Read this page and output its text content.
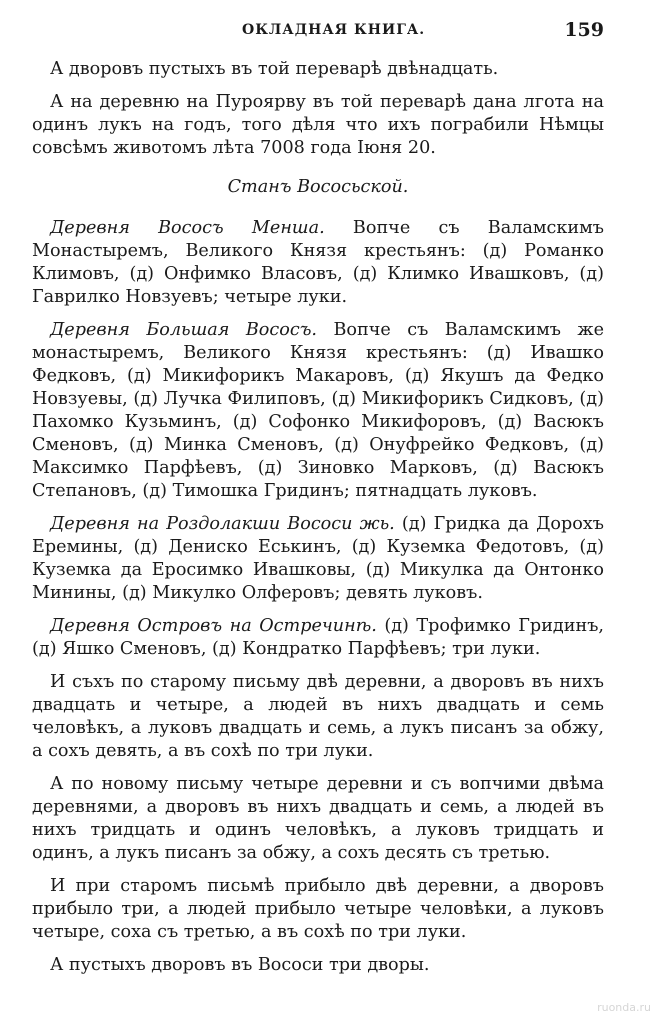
ОКЛАДНАЯ КНИГА.	159

А дворовъ пустыхъ въ той переварѣ двѣнадцать.

А на деревню на Пуроярву въ той переварѣ дана лгота на одинъ лукъ на годъ, того дѣля что ихъ пограбили Нѣмцы совсѣмъ животомъ лѣта 7008 года Іюня 20.

Станъ Вососьской.

Деревня Вососъ Менша. Вопче съ Валамскимъ Монастыремъ, Великого Князя крестьянъ: (д) Романко Климовъ, (д) Онфимко Власовъ, (д) Климко Ивашковъ, (д) Гаврилко Новзуевъ; четыре луки.

Деревня Большая Вососъ. Вопче съ Валамскимъ же монастыремъ, Великого Князя крестьянъ: (д) Ивашко Федковъ, (д) Микифорикъ Макаровъ, (д) Якушъ да Федко Новзуевы, (д) Лучка Филиповъ, (д) Микифорикъ Сидковъ, (д) Пахомко Кузьминъ, (д) Софонко Микифоровъ, (д) Васюкъ Сменовъ, (д) Минка Сменовъ, (д) Онуфрейко Федковъ, (д) Максимко Парфѣевъ, (д) Зиновко Марковъ, (д) Васюкъ Степановъ, (д) Тимошка Гридинъ; пятнадцать луковъ.

Деревня на Роздолакши Вососи жь. (д) Гридка да Дорохъ Еремины, (д) Дениско Еськинъ, (д) Куземка Федотовъ, (д) Куземка да Еросимко Ивашковы, (д) Микулка да Онтонко Минины, (д) Микулко Олферовъ; девять луковъ.

Деревня Островъ на Остречинѣ. (д) Трофимко Гридинъ, (д) Яшко Сменовъ, (д) Кондратко Парфѣевъ; три луки.

И съхъ по старому письму двѣ деревни, а дворовъ въ нихъ двадцать и четыре, а людей въ нихъ двадцать и семь человѣкъ, а луковъ двадцать и семь, а лукъ писанъ за обжу, а сохъ девять, а въ сохѣ по три луки.

А по новому письму четыре деревни и съ вопчими двѣма деревнями, а дворовъ въ нихъ двадцать и семь, а людей въ нихъ тридцать и одинъ человѣкъ, а луковъ тридцать и одинъ, а лукъ писанъ за обжу, а сохъ десять съ третью.

И при старомъ письмѣ прибыло двѣ деревни, а дворовъ прибыло три, а людей прибыло четыре человѣки, а луковъ четыре, соха съ третью, а въ сохѣ по три луки.

А пустыхъ дворовъ въ Вососи три дворы.

ruonda.ru
